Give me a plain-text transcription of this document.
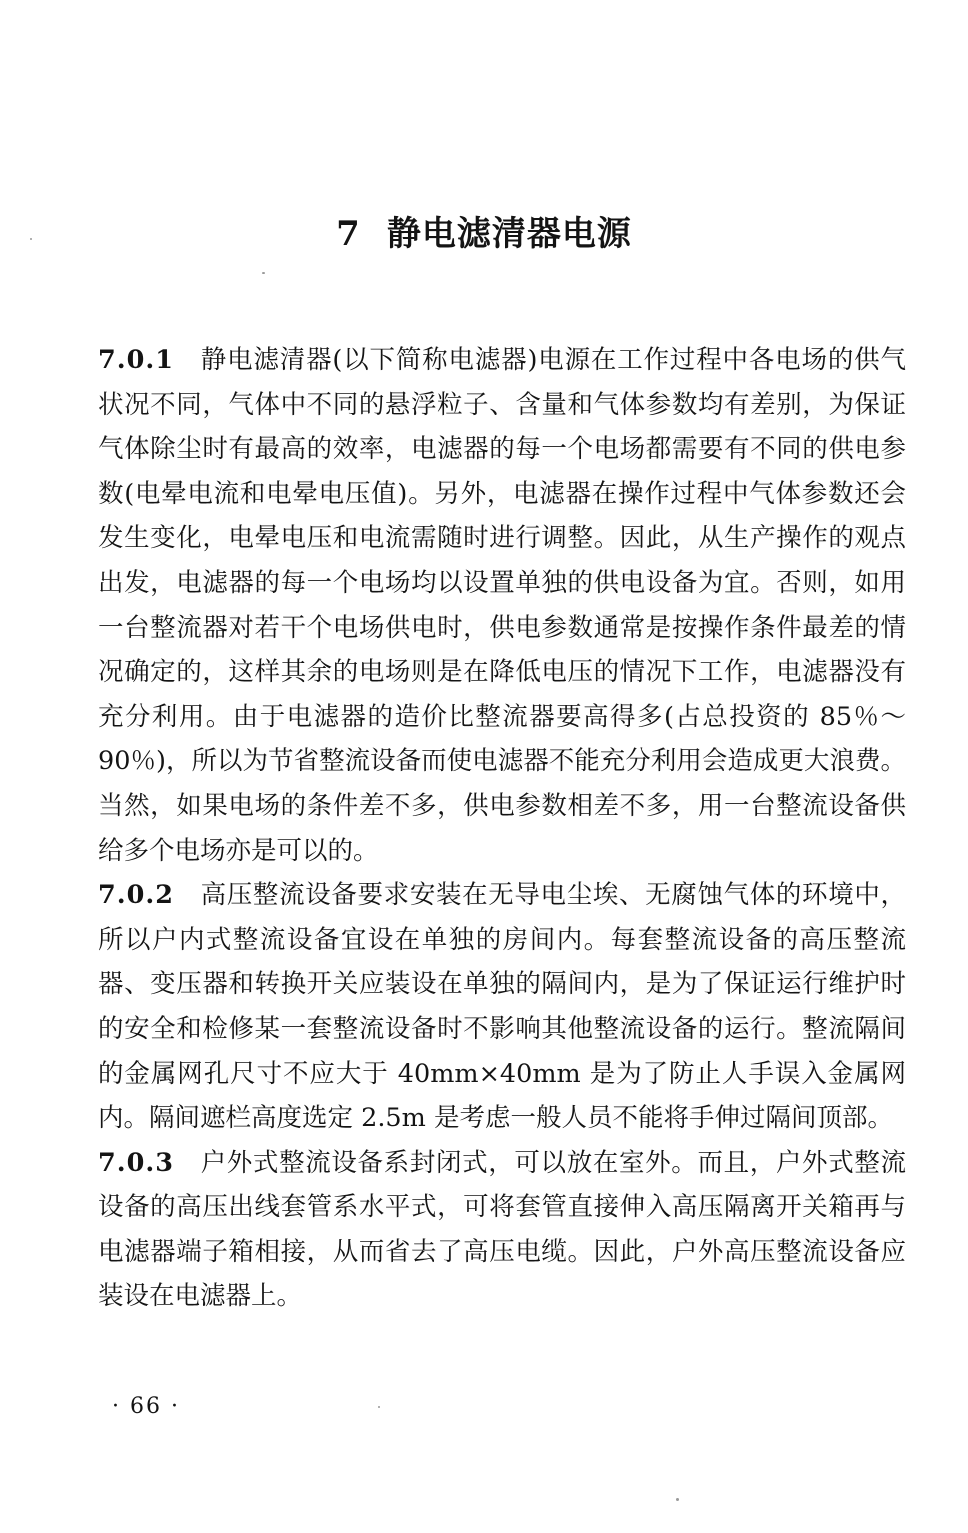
7 静电滤清器电源

7.0.1 静电滤清器(以下简称电滤器)电源在工作过程中各电场的供气状况不同，气体中不同的悬浮粒子、含量和气体参数均有差别，为保证气体除尘时有最高的效率，电滤器的每一个电场都需要有不同的供电参数(电晕电流和电晕电压值)。另外，电滤器在操作过程中气体参数还会发生变化，电晕电压和电流需随时进行调整。因此，从生产操作的观点出发，电滤器的每一个电场均以设置单独的供电设备为宜。否则，如用一台整流器对若干个电场供电时，供电参数通常是按操作条件最差的情况确定的，这样其余的电场则是在降低电压的情况下工作，电滤器没有充分利用。由于电滤器的造价比整流器要高得多(占总投资的 85％～90％)，所以为节省整流设备而使电滤器不能充分利用会造成更大浪费。当然，如果电场的条件差不多，供电参数相差不多，用一台整流设备供给多个电场亦是可以的。

7.0.2 高压整流设备要求安装在无导电尘埃、无腐蚀气体的环境中，所以户内式整流设备宜设在单独的房间内。每套整流设备的高压整流器、变压器和转换开关应装设在单独的隔间内，是为了保证运行维护时的安全和检修某一套整流设备时不影响其他整流设备的运行。整流隔间的金属网孔尺寸不应大于 40mm×40mm 是为了防止人手误入金属网内。隔间遮栏高度选定 2.5m 是考虑一般人员不能将手伸过隔间顶部。

7.0.3 户外式整流设备系封闭式，可以放在室外。而且，户外式整流设备的高压出线套管系水平式，可将套管直接伸入高压隔离开关箱再与电滤器端子箱相接，从而省去了高压电缆。因此，户外高压整流设备应装设在电滤器上。

· 66 ·
